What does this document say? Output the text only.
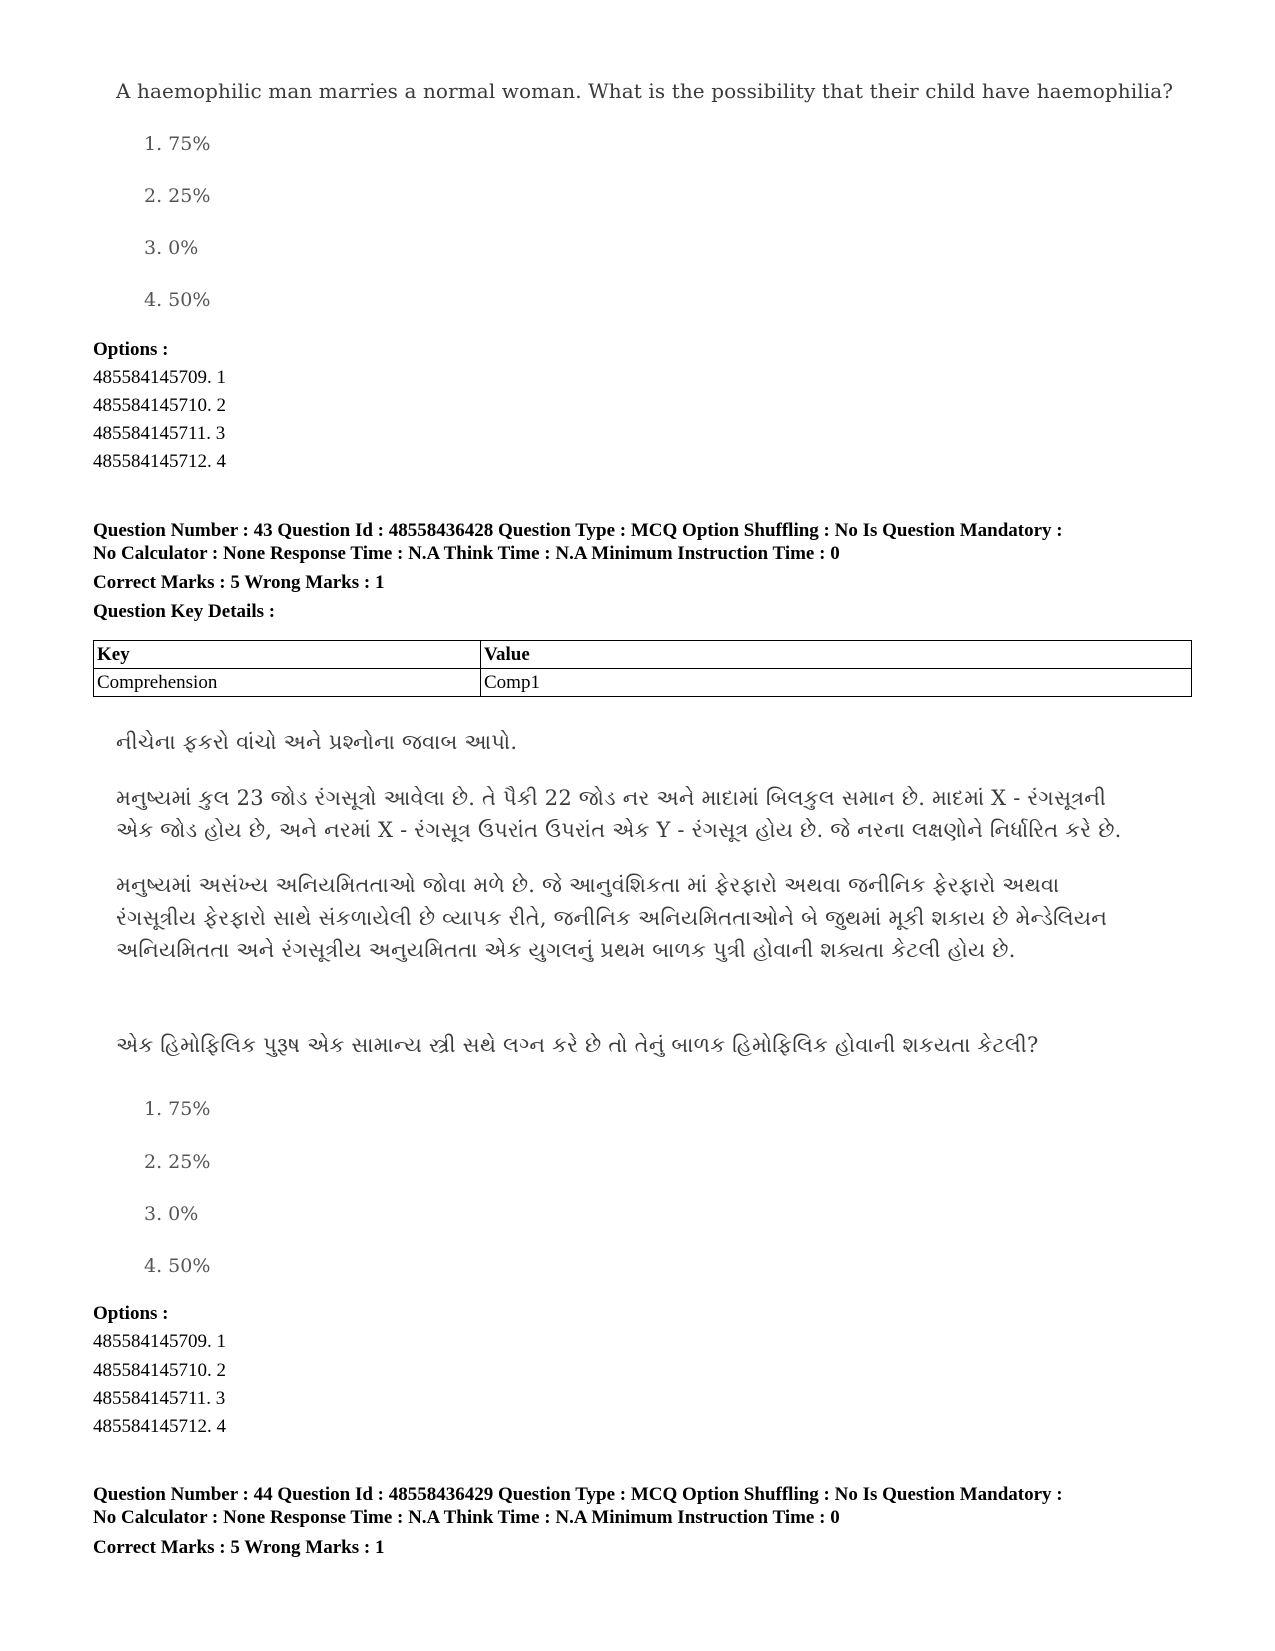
A haemophilic man marries a normal woman. What is the possibility that their child have haemophilia?
1. 75%
2. 25%
3. 0%
4. 50%
Options :
485584145709. 1
485584145710. 2
485584145711. 3
485584145712. 4
Question Number : 43 Question Id : 48558436428 Question Type : MCQ Option Shuffling : No Is Question Mandatory :
No Calculator : None Response Time : N.A Think Time : N.A Minimum Instruction Time : 0
Correct Marks : 5 Wrong Marks : 1
Question Key Details :
Key	Value
Comprehension	Comp1
નીચેના ફકરો વાંચો અને પ્રશ્નોના જવાબ આપો.
મનુષ્યમાં કુલ 23 જોડ રંગસૂત્રો આવેલા છે. તે પૈકી 22 જોડ નર અને માદામાં બિલકુલ સમાન છે. માદમાં X - રંગસૂત્રની
એક જોડ હોય છે, અને નરમાં X - રંગસૂત્ર ઉપરાંત ઉપરાંત એક Y - રંગસૂત્ર હોય છે. જે નરના લક્ષણોને નિર્ધારિત કરે છે.
મનુષ્યમાં અસંખ્ય અનિયમિતતાઓ જોવા મળે છે. જે આનુવંશિકતા માં ફેરફારો અથવા જનીનિક ફેરફારો અથવા
રંગસૂત્રીય ફેરફારો સાથે સંકળાયેલી છે વ્યાપક રીતે, જનીનિક અનિયમિતતાઓને બે જુથમાં મૂકી શકાય છે મેન્ડેલિયન
અનિયમિતતા અને રંગસૂત્રીય અનુયમિતતા એક યુગલનું પ્રથમ બાળક પુત્રી હોવાની શક્યતા કેટલી હોય છે.
એક હિમોફિલિક પુરૂષ એક સામાન્ય સ્ત્રી સથે લગ્ન કરે છે તો તેનું બાળક હિમોફિલિક હોવાની શકયતા કેટલી?
1. 75%
2. 25%
3. 0%
4. 50%
Options :
485584145709. 1
485584145710. 2
485584145711. 3
485584145712. 4
Question Number : 44 Question Id : 48558436429 Question Type : MCQ Option Shuffling : No Is Question Mandatory :
No Calculator : None Response Time : N.A Think Time : N.A Minimum Instruction Time : 0
Correct Marks : 5 Wrong Marks : 1
